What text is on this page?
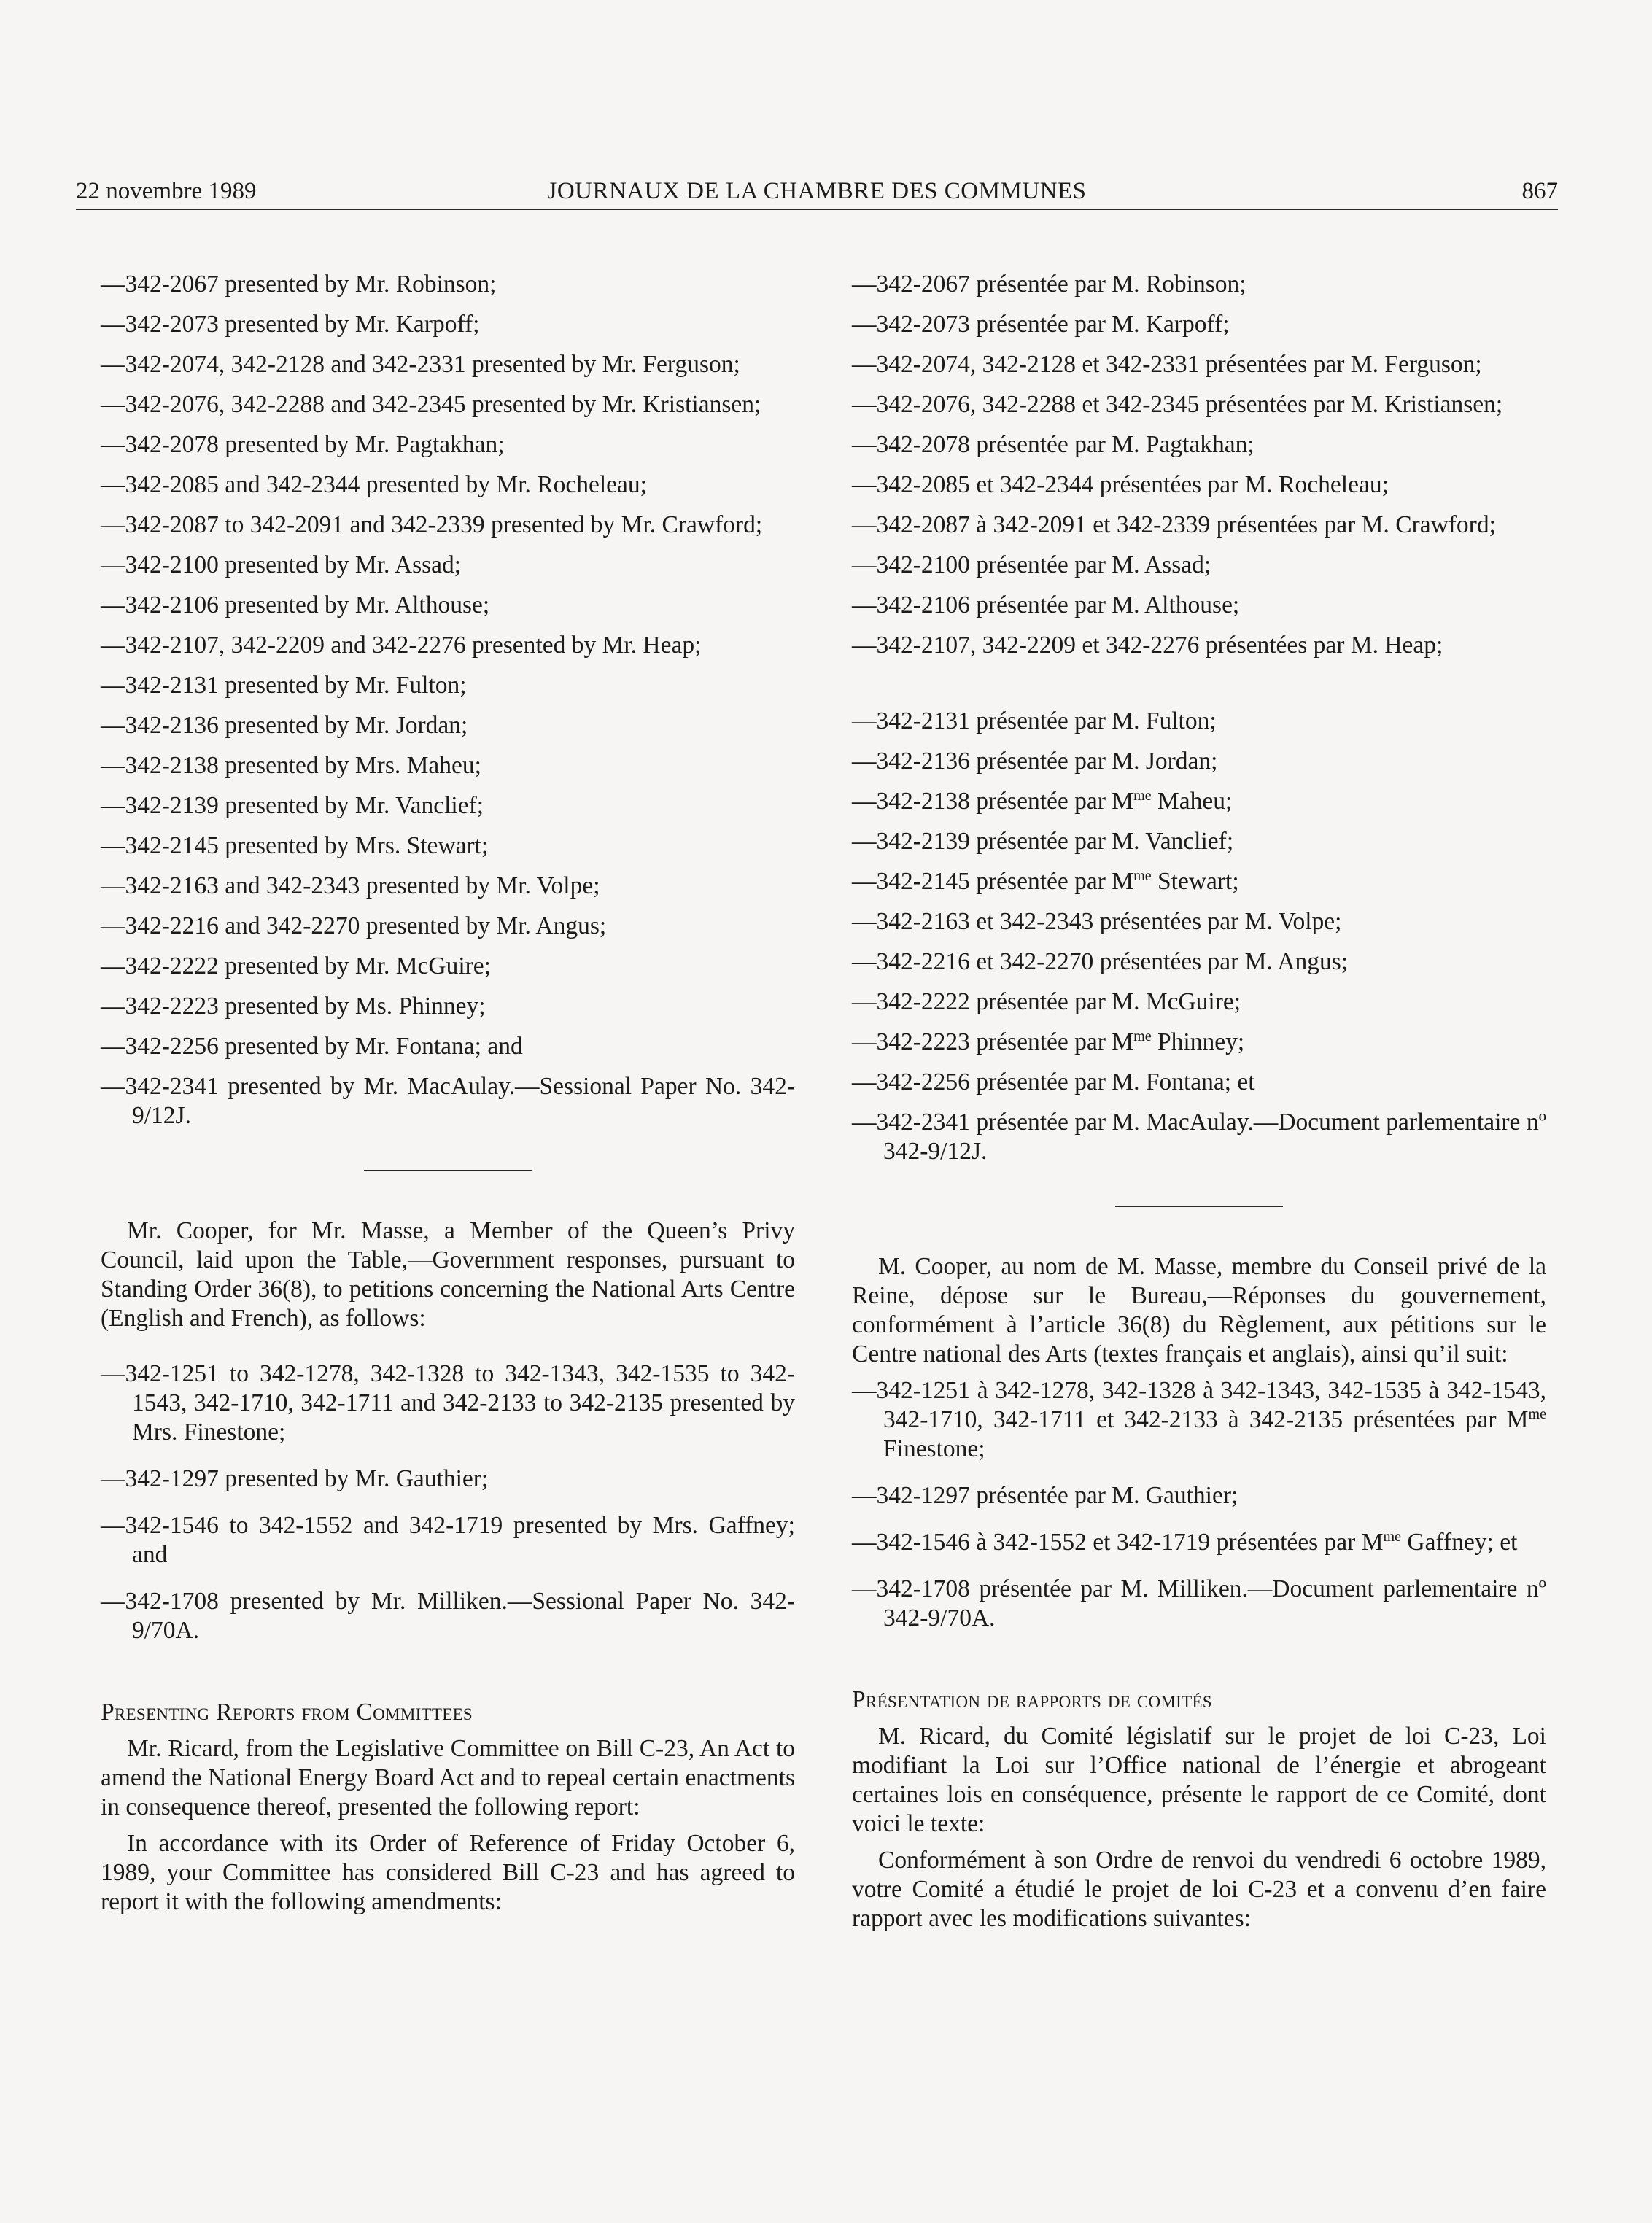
22 novembre 1989	JOURNAUX DE LA CHAMBRE DES COMMUNES	867

—342-2067 presented by Mr. Robinson;

—342-2073 presented by Mr. Karpoff;

—342-2074, 342-2128 and 342-2331 presented by Mr. Ferguson;

—342-2076, 342-2288 and 342-2345 presented by Mr. Kristiansen;

—342-2078 presented by Mr. Pagtakhan;

—342-2085 and 342-2344 presented by Mr. Rocheleau;

—342-2087 to 342-2091 and 342-2339 presented by Mr. Crawford;

—342-2100 presented by Mr. Assad;

—342-2106 presented by Mr. Althouse;

—342-2107, 342-2209 and 342-2276 presented by Mr. Heap;

—342-2131 presented by Mr. Fulton;

—342-2136 presented by Mr. Jordan;

—342-2138 presented by Mrs. Maheu;

—342-2139 presented by Mr. Vanclief;

—342-2145 presented by Mrs. Stewart;

—342-2163 and 342-2343 presented by Mr. Volpe;

—342-2216 and 342-2270 presented by Mr. Angus;

—342-2222 presented by Mr. McGuire;

—342-2223 presented by Ms. Phinney;

—342-2256 presented by Mr. Fontana; and

—342-2341 presented by Mr. MacAulay.—Sessional Paper No. 342-9/12J.

Mr. Cooper, for Mr. Masse, a Member of the Queen’s Privy Council, laid upon the Table,—Government responses, pursuant to Standing Order 36(8), to petitions concerning the National Arts Centre (English and French), as follows:

—342-1251 to 342-1278, 342-1328 to 342-1343, 342-1535 to 342-1543, 342-1710, 342-1711 and 342-2133 to 342-2135 presented by Mrs. Finestone;

—342-1297 presented by Mr. Gauthier;

—342-1546 to 342-1552 and 342-1719 presented by Mrs. Gaffney; and

—342-1708 presented by Mr. Milliken.—Sessional Paper No. 342-9/70A.

Presenting Reports from Committees

Mr. Ricard, from the Legislative Committee on Bill C-23, An Act to amend the National Energy Board Act and to repeal certain enactments in consequence thereof, presented the following report:

In accordance with its Order of Reference of Friday October 6, 1989, your Committee has considered Bill C-23 and has agreed to report it with the following amendments:

—342-2067 présentée par M. Robinson;

—342-2073 présentée par M. Karpoff;

—342-2074, 342-2128 et 342-2331 présentées par M. Ferguson;

—342-2076, 342-2288 et 342-2345 présentées par M. Kristiansen;

—342-2078 présentée par M. Pagtakhan;

—342-2085 et 342-2344 présentées par M. Rocheleau;

—342-2087 à 342-2091 et 342-2339 présentées par M. Crawford;

—342-2100 présentée par M. Assad;

—342-2106 présentée par M. Althouse;

—342-2107, 342-2209 et 342-2276 présentées par M. Heap;

—342-2131 présentée par M. Fulton;

—342-2136 présentée par M. Jordan;

—342-2138 présentée par $M^{me}$ Maheu;

—342-2139 présentée par M. Vanclief;

—342-2145 présentée par $M^{me}$ Stewart;

—342-2163 et 342-2343 présentées par M. Volpe;

—342-2216 et 342-2270 présentées par M. Angus;

—342-2222 présentée par M. McGuire;

—342-2223 présentée par $M^{me}$ Phinney;

—342-2256 présentée par M. Fontana; et

—342-2341 présentée par M. MacAulay.—Document parlementaire nº 342-9/12J.

M. Cooper, au nom de M. Masse, membre du Conseil privé de la Reine, dépose sur le Bureau,—Réponses du gouvernement, conformément à l’article 36(8) du Règlement, aux pétitions sur le Centre national des Arts (textes français et anglais), ainsi qu’il suit:

—342-1251 à 342-1278, 342-1328 à 342-1343, 342-1535 à 342-1543, 342-1710, 342-1711 et 342-2133 à 342-2135 présentées par $M^{me}$ Finestone;

—342-1297 présentée par M. Gauthier;

—342-1546 à 342-1552 et 342-1719 présentées par $M^{me}$ Gaffney; et

—342-1708 présentée par M. Milliken.—Document parlementaire nº 342-9/70A.

Présentation de rapports de comités

M. Ricard, du Comité législatif sur le projet de loi C-23, Loi modifiant la Loi sur l’Office national de l’énergie et abrogeant certaines lois en conséquence, présente le rapport de ce Comité, dont voici le texte:

Conformément à son Ordre de renvoi du vendredi 6 octobre 1989, votre Comité a étudié le projet de loi C-23 et a convenu d’en faire rapport avec les modifications suivantes:
